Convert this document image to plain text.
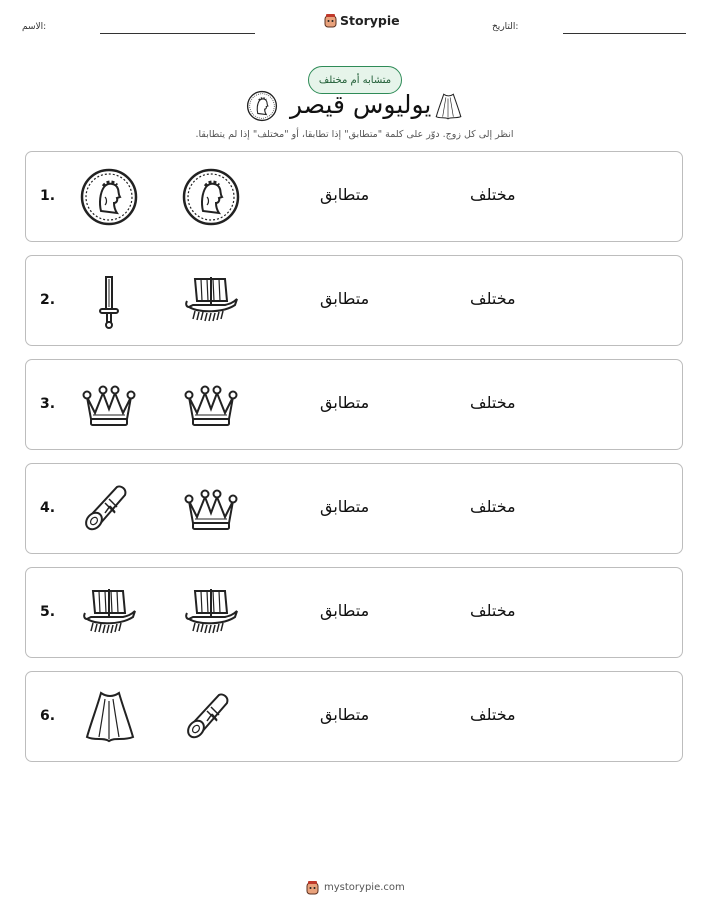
الاسم:	Storypie	التاريخ:
متشابه أم مختلف
يوليوس قيصر
انظر إلى كل زوج. دوّر على كلمة "متطابق" إذا تطابقا، أو "مختلف" إذا لم يتطابقا.
1.	متطابق	مختلف
2.	متطابق	مختلف
3.	متطابق	مختلف
4.	متطابق	مختلف
5.	متطابق	مختلف
6.	متطابق	مختلف
mystorypie.com
